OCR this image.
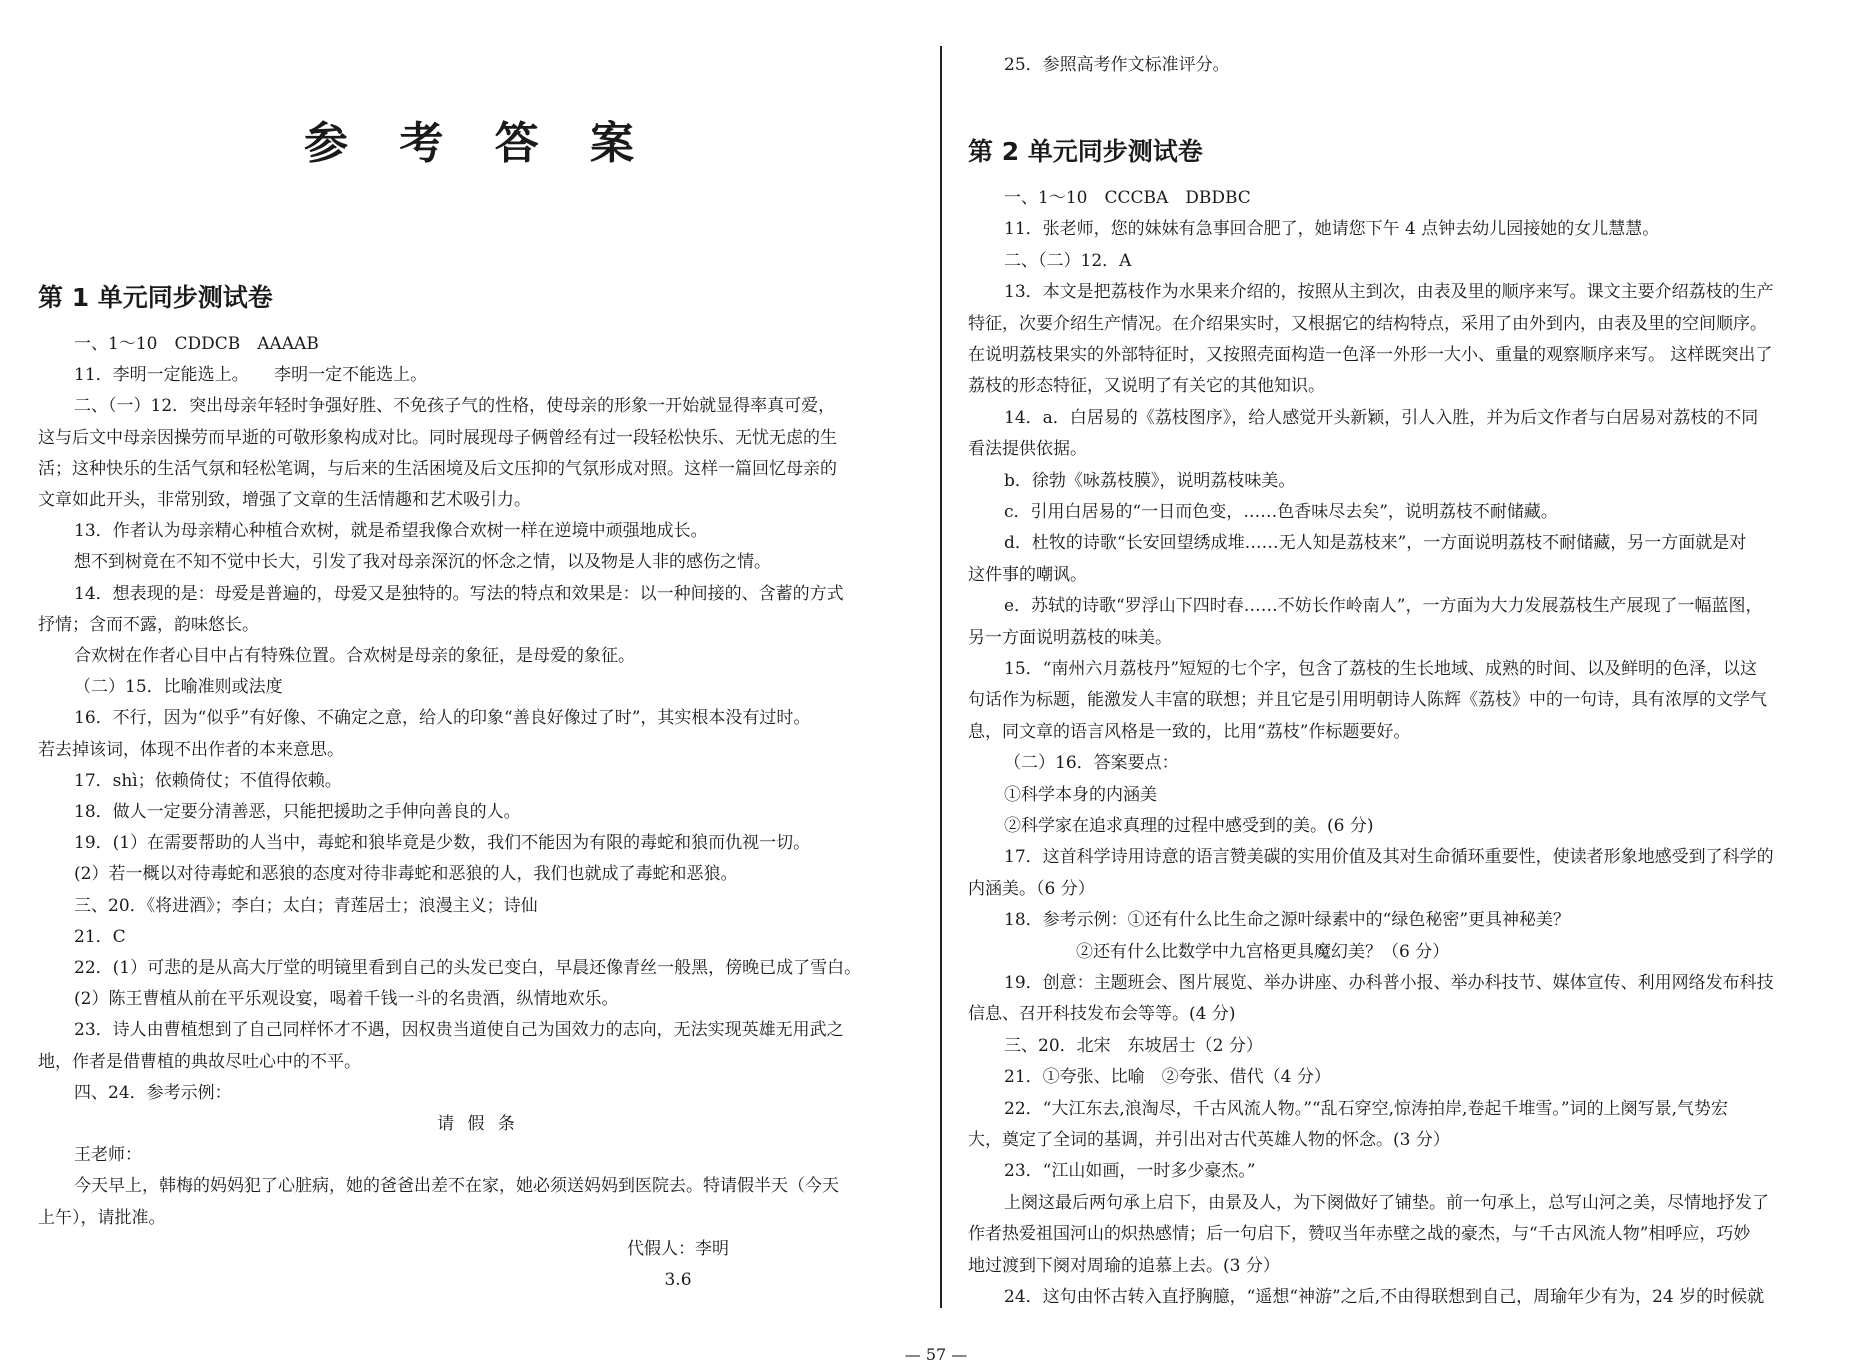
参 考 答 案
第 1 单元同步测试卷
一、1～10　CDDCB　AAAAB
11．李明一定能选上。　　李明一定不能选上。
二、（一）12．突出母亲年轻时争强好胜、不免孩子气的性格，使母亲的形象一开始就显得率真可爱，
这与后文中母亲因操劳而早逝的可敬形象构成对比。同时展现母子俩曾经有过一段轻松快乐、无忧无虑的生
活；这种快乐的生活气氛和轻松笔调，与后来的生活困境及后文压抑的气氛形成对照。这样一篇回忆母亲的
文章如此开头，非常别致，增强了文章的生活情趣和艺术吸引力。
13．作者认为母亲精心种植合欢树，就是希望我像合欢树一样在逆境中顽强地成长。
想不到树竟在不知不觉中长大，引发了我对母亲深沉的怀念之情，以及物是人非的感伤之情。
14．想表现的是：母爱是普遍的，母爱又是独特的。写法的特点和效果是：以一种间接的、含蓄的方式
抒情；含而不露，韵味悠长。
合欢树在作者心目中占有特殊位置。合欢树是母亲的象征，是母爱的象征。
（二）15．比喻准则或法度
16．不行，因为“似乎”有好像、不确定之意，给人的印象“善良好像过了时”，其实根本没有过时。
若去掉该词，体现不出作者的本来意思。
17．shì；依赖倚仗；不值得依赖。
18．做人一定要分清善恶，只能把援助之手伸向善良的人。
19．(1）在需要帮助的人当中，毒蛇和狼毕竟是少数，我们不能因为有限的毒蛇和狼而仇视一切。
(2）若一概以对待毒蛇和恶狼的态度对待非毒蛇和恶狼的人，我们也就成了毒蛇和恶狼。
三、20．《将进酒》；李白；太白；青莲居士；浪漫主义；诗仙
21．C
22．(1）可悲的是从高大厅堂的明镜里看到自己的头发已变白，早晨还像青丝一般黑，傍晚已成了雪白。
(2）陈王曹植从前在平乐观设宴，喝着千钱一斗的名贵酒，纵情地欢乐。
23．诗人由曹植想到了自己同样怀才不遇，因权贵当道使自己为国效力的志向，无法实现英雄无用武之
地，作者是借曹植的典故尽吐心中的不平。
四、24．参考示例：
请 假 条
王老师：
今天早上，韩梅的妈妈犯了心脏病，她的爸爸出差不在家，她必须送妈妈到医院去。特请假半天（今天
上午），请批准。
代假人：李明
3.6
25．参照高考作文标准评分。
第 2 单元同步测试卷
一、1～10　CCCBA　DBDBC
11．张老师，您的妹妹有急事回合肥了，她请您下午 4 点钟去幼儿园接她的女儿慧慧。
二、（二）12．A
13．本文是把荔枝作为水果来介绍的，按照从主到次，由表及里的顺序来写。课文主要介绍荔枝的生产
特征，次要介绍生产情况。在介绍果实时，又根据它的结构特点，采用了由外到内，由表及里的空间顺序。
在说明荔枝果实的外部特征时，又按照壳面构造一色泽一外形一大小、重量的观察顺序来写。 这样既突出了
荔枝的形态特征，又说明了有关它的其他知识。
14．a．白居易的《荔枝图序》，给人感觉开头新颖，引人入胜，并为后文作者与白居易对荔枝的不同
看法提供依据。
b．徐勃《咏荔枝膜》，说明荔枝味美。
c．引用白居易的“一日而色变，……色香味尽去矣”，说明荔枝不耐储藏。
d．杜牧的诗歌“长安回望绣成堆……无人知是荔枝来”，一方面说明荔枝不耐储藏，另一方面就是对
这件事的嘲讽。
e．苏轼的诗歌“罗浮山下四时春……不妨长作岭南人”，一方面为大力发展荔枝生产展现了一幅蓝图，
另一方面说明荔枝的味美。
15．“南州六月荔枝丹”短短的七个字，包含了荔枝的生长地域、成熟的时间、以及鲜明的色泽，以这
句话作为标题，能激发人丰富的联想；并且它是引用明朝诗人陈辉《荔枝》中的一句诗，具有浓厚的文学气
息，同文章的语言风格是一致的，比用“荔枝”作标题要好。
（二）16．答案要点：
①科学本身的内涵美
②科学家在追求真理的过程中感受到的美。(6 分)
17．这首科学诗用诗意的语言赞美碳的实用价值及其对生命循环重要性，使读者形象地感受到了科学的
内涵美。（6 分）
18．参考示例：①还有什么比生命之源叶绿素中的“绿色秘密”更具神秘美？
②还有什么比数学中九宫格更具魔幻美？（6 分）
19．创意：主题班会、图片展览、举办讲座、办科普小报、举办科技节、媒体宣传、利用网络发布科技
信息、召开科技发布会等等。(4 分)
三、20．北宋　东坡居士（2 分）
21．①夸张、比喻　②夸张、借代（4 分）
22．“大江东去,浪淘尽，千古风流人物。”“乱石穿空,惊涛拍岸,卷起千堆雪。”词的上阕写景,气势宏
大，奠定了全词的基调，并引出对古代英雄人物的怀念。(3 分）
23．“江山如画，一时多少豪杰。”
上阕这最后两句承上启下，由景及人，为下阕做好了铺垫。前一句承上，总写山河之美，尽情地抒发了
作者热爱祖国河山的炽热感情；后一句启下，赞叹当年赤壁之战的豪杰，与“千古风流人物”相呼应，巧妙
地过渡到下阕对周瑜的追慕上去。(3 分）
24．这句由怀古转入直抒胸臆，“遥想“神游”之后,不由得联想到自己，周瑜年少有为，24 岁的时候就
— 57 —
